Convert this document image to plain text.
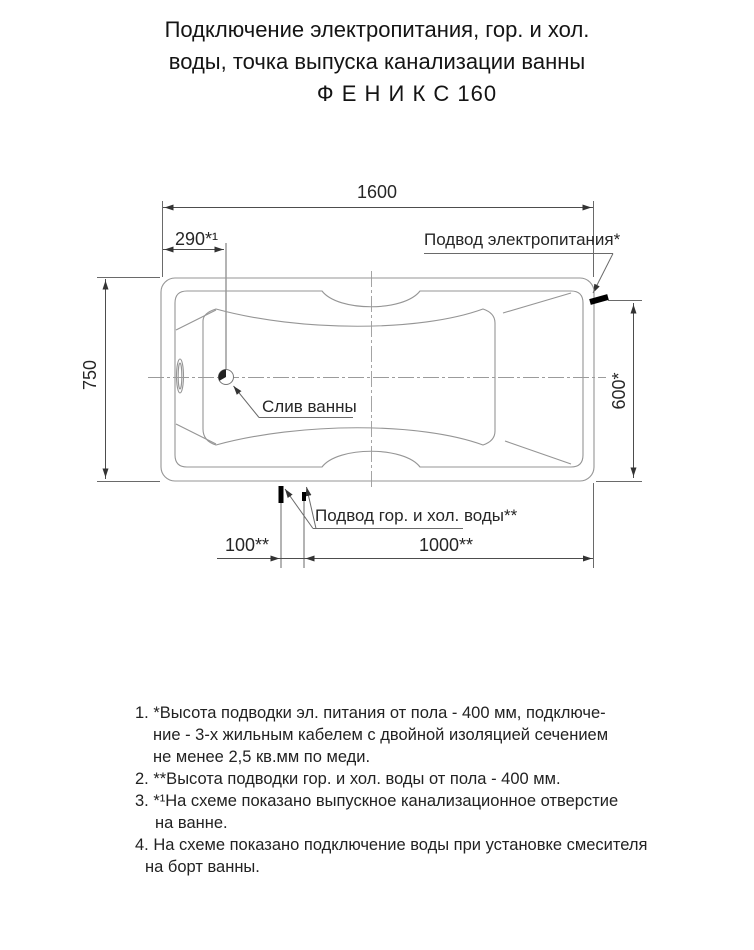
Подключение электропитания, гор. и хол.
воды, точка выпуска канализации ванны
Ф Е Н И К С 160
1600
290*¹
750	600*
100**	1000**
Подвод электропитания*
Слив ванны
Подвод гор. и хол. воды**
1. *Высота подводки эл. питания от пола - 400 мм, подключе-
ние - 3-х жильным кабелем с двойной изоляцией сечением
не менее 2,5 кв.мм по меди.
2. **Высота подводки гор. и хол. воды от пола - 400 мм.
3. *¹На схеме показано выпускное канализационное отверстие
на ванне.
4. На схеме показано подключение воды при установке смесителя
на борт ванны.
